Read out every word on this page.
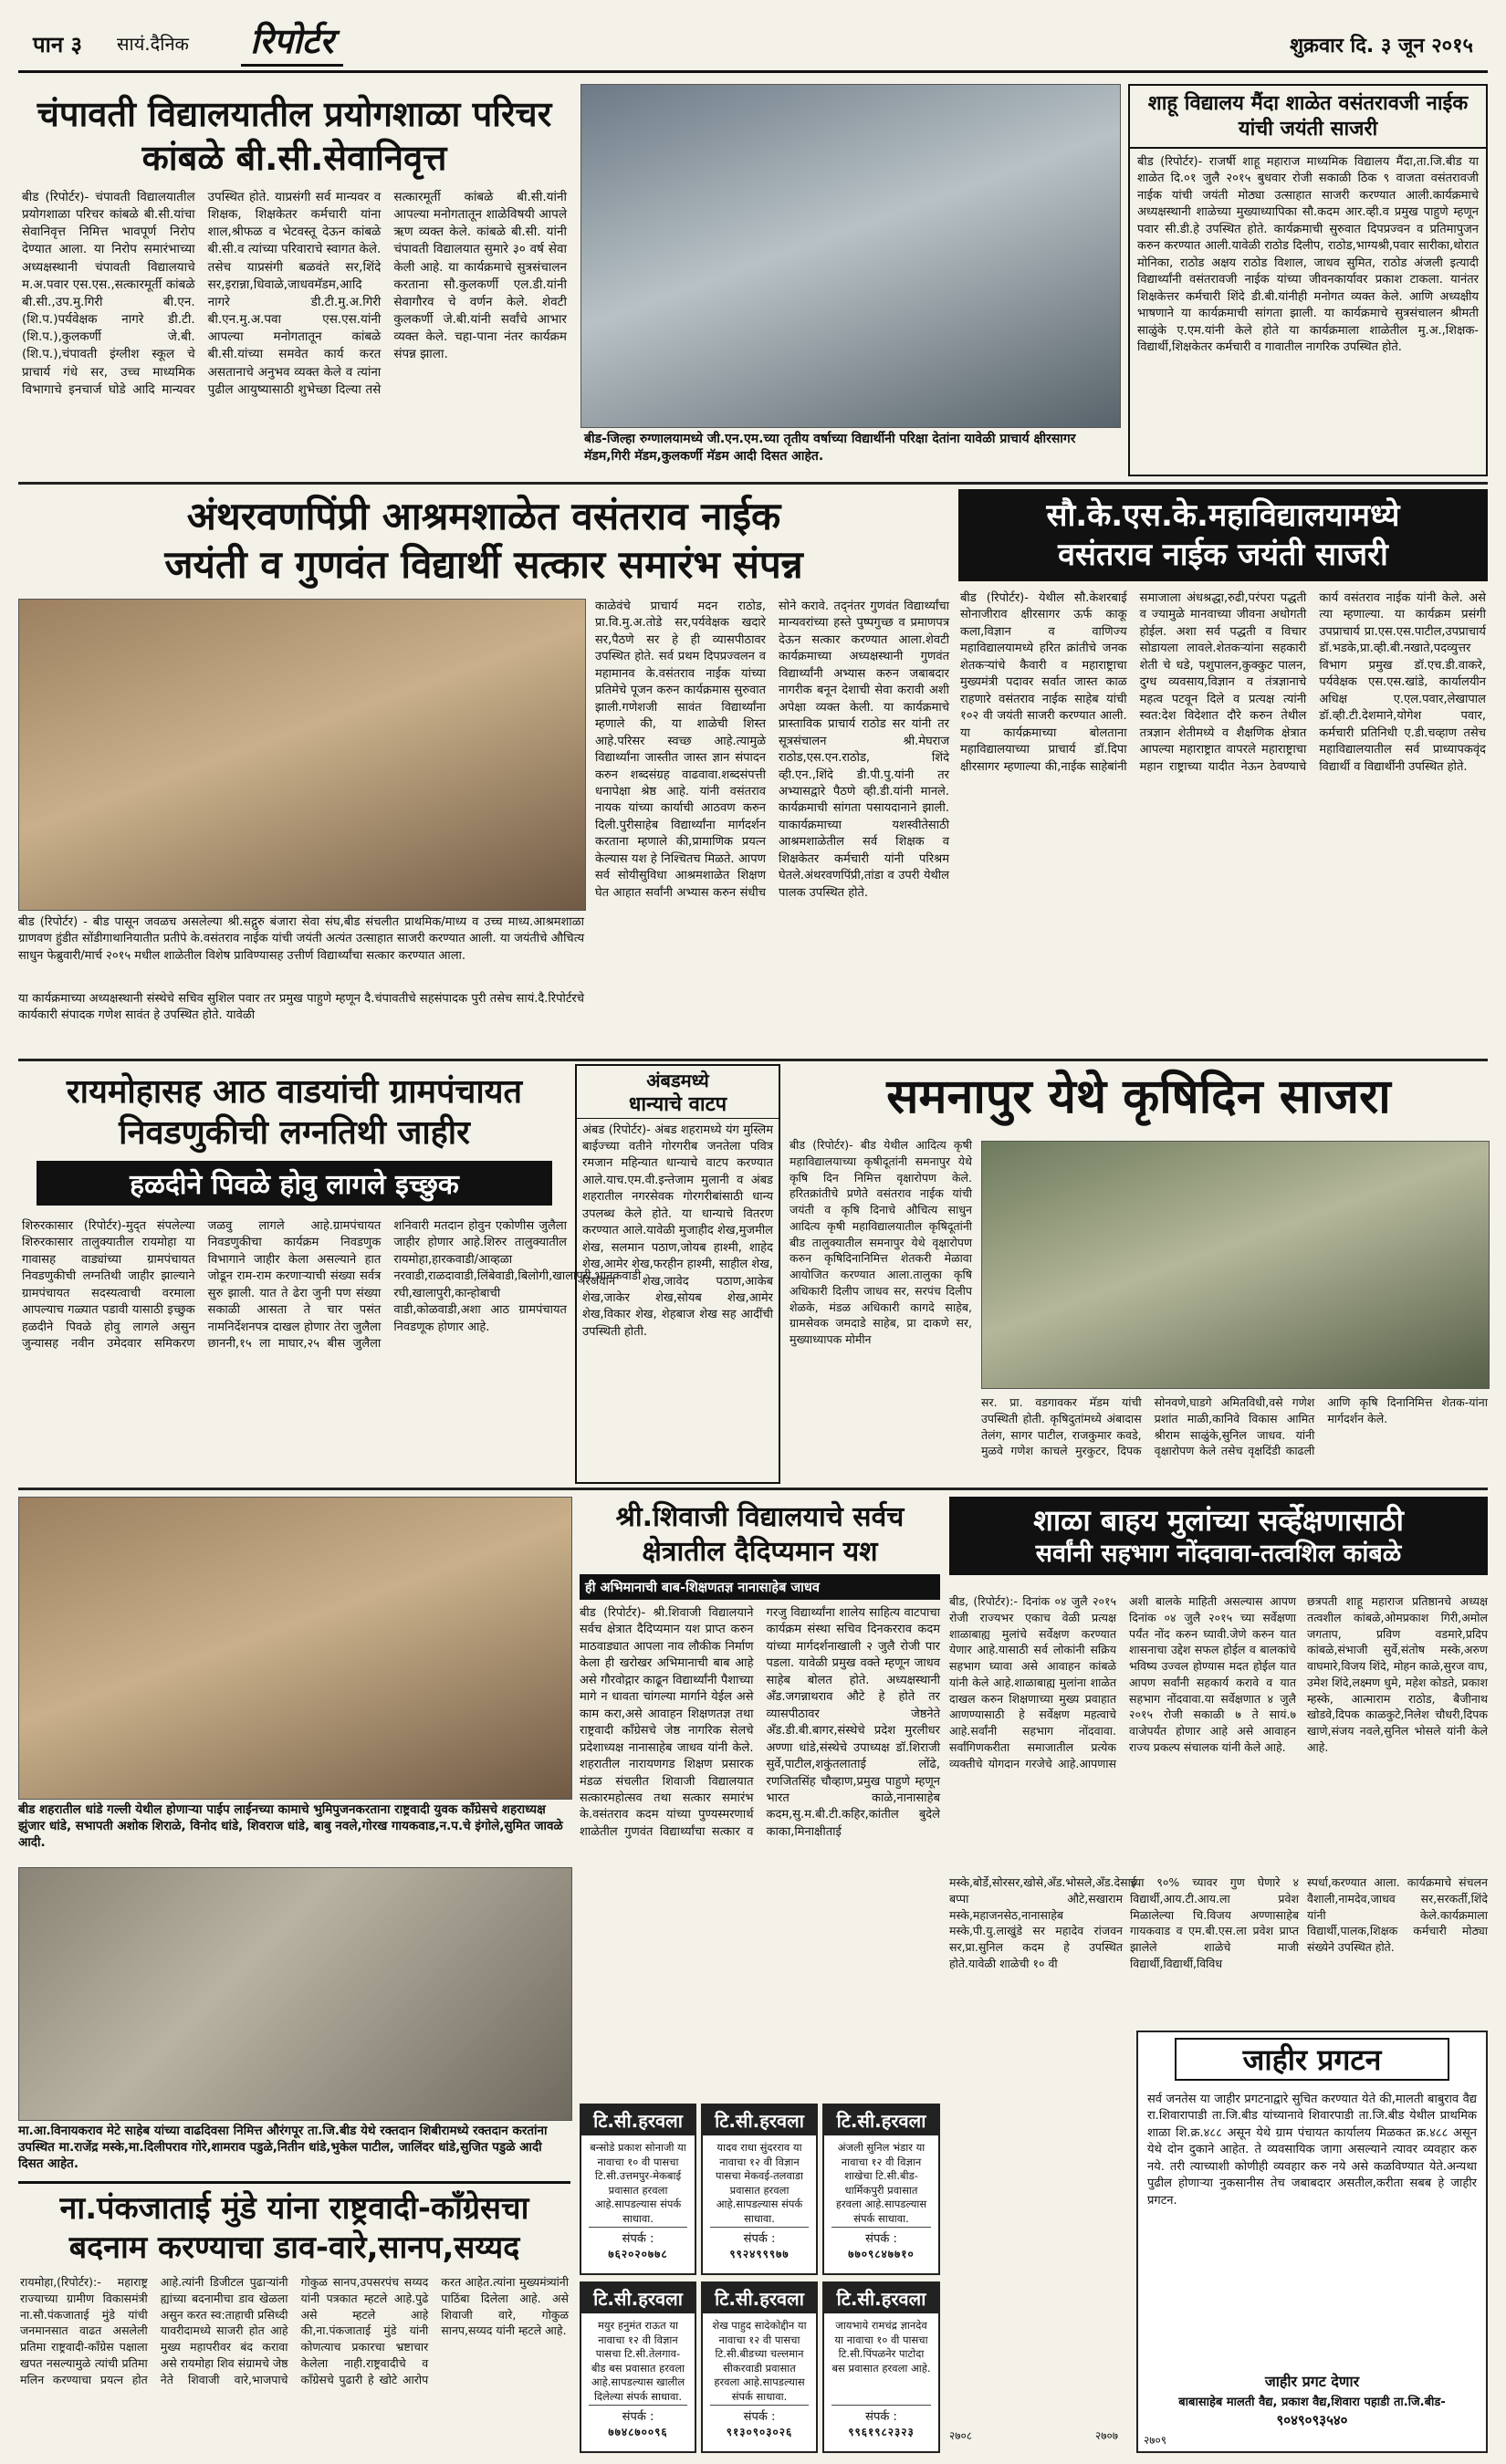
पान ३ सायं.दैनिक रिपोर्टर	शुक्रवार दि. ३ जून २०१५
चंपावती विद्यालयातील प्रयोगशाळा परिचर कांबळे बी.सी.सेवानिवृत्त
बीड (रिपोर्टर)- चंपावती विद्यालयातील प्रयोगशाळा परिचर कांबळे बी.सी.यांचा सेवानिवृत्त निमित्त भावपूर्ण निरोप देण्यात आला. या निरोप समारंभाच्या अध्यक्षस्थानी चंपावती विद्यालयाचे म.अ.पवार एस.एस.,सत्कारमूर्ती कांबळे बी.सी.,उप.मु.गिरी बी.एन.(शि.प.)पर्यवेक्षक नागरे डी.टी.(शि.प.),कुलकर्णी जे.बी.(शि.प.),चंपावती इंग्लीश स्कूल चे प्राचार्य गंधे सर, उच्च माध्यमिक विभागाचे इनचार्ज घोडे आदि मान्यवर उपस्थित होते. याप्रसंगी सर्व मान्यवर व शिक्षक, शिक्षकेतर कर्मचारी यांना शाल,श्रीफळ व भेटवस्तू देऊन कांबळे बी.सी.व त्यांच्या परिवाराचे स्वागत केले. तसेच याप्रसंगी बळवंते सर,शिंदे सर,इरान्ना,धिवाळे,जाधवमॅडम,आदि नागरे डी.टी.मु.अ.गिरी बी.एन.मु.अ.पवा एस.एस.यांनी आपल्या मनोगतातून कांबळे बी.सी.यांच्या समवेत कार्य करत असतानाचे अनुभव व्यक्त केले व त्यांना पुढील आयुष्यासाठी शुभेच्छा दिल्या तसे सत्कारमूर्ती कांबळे बी.सी.यांनी आपल्या मनोगतातून शाळेविषयी आपले ऋण व्यक्त केले. कांबळे बी.सी. यांनी चंपावती विद्यालयात सुमारे ३० वर्ष सेवा केली आहे. या कार्यक्रमाचे सुत्रसंचालन करताना सौ.कुलकर्णी एल.डी.यांनी सेवागौरव चे वर्णन केले. शेवटी कुलकर्णी जे.बी.यांनी सर्वांचे आभार व्यक्त केले. चहा-पाना नंतर कार्यक्रम संपन्न झाला.
बीड-जिल्हा रुग्णालयामध्ये जी.एन.एम.च्या तृतीय वर्षाच्या विद्यार्थीनी परिक्षा देतांना यावेळी प्राचार्य क्षीरसागर मॅडम,गिरी मॅडम,कुलकर्णी मॅडम आदी दिसत आहेत.
शाहू विद्यालय मैंदा शाळेत वसंतरावजी नाईक यांची जयंती साजरी
बीड (रिपोर्टर)- राजर्षी शाहू महाराज माध्यमिक विद्यालय मैंदा,ता.जि.बीड या शाळेत दि.०१ जुलै २०१५ बुधवार रोजी सकाळी ठिक ९ वाजता वसंतरावजी नाईक यांची जयंती मोठ्या उत्साहात साजरी करण्यात आली.कार्यक्रमाचे अध्यक्षस्थानी शाळेच्या मुख्याध्यापिका सौ.कदम आर.व्ही.व प्रमुख पाहुणे म्हणून पवार सी.डी.हे उपस्थित होते. कार्यक्रमाची सुरुवात दिपप्रज्वन व प्रतिमापुजन करुन करण्यात आली.यावेळी राठोड दिलीप, राठोड,भाग्यश्री,पवार सारीका,थोरात मोनिका, राठोड अक्षय राठोड विशाल, जाधव सुमित, राठोड अंजली इत्यादी विद्यार्थ्यांनी वसंतरावजी नाईक यांच्या जीवनकार्यावर प्रकाश टाकला. यानंतर शिक्षकेत्तर कर्मचारी शिंदे डी.बी.यांनीही मनोगत व्यक्त केले. आणि अध्यक्षीय भाषणाने या कार्यक्रमाची सांगता झाली. या कार्यक्रमाचे सुत्रसंचालन श्रीमती साळुंके ए.एम.यांनी केले होते या कार्यक्रमाला शाळेतील मु.अ.,शिक्षक-विद्यार्थी,शिक्षकेतर कर्मचारी व गावातील नागरिक उपस्थित होते.
अंथरवणपिंप्री आश्रमशाळेत वसंतराव नाईक
जयंती व गुणवंत विद्यार्थी सत्कार समारंभ संपन्न
बीड (रिपोर्टर) - बीड पासून जवळच असलेल्या श्री.सद्गुरु बंजारा सेवा संघ,बीड संचलीत प्राथमिक/माध्य व उच्च माध्य.आश्रमशाळा ग्राणवण हुंडीत सोंडीगाथानियातीत प्रतीपे के.वसंतराव नाईक यांची जयंती अत्यंत उत्साहात साजरी करण्यात आली. या जयंतीचे औचित्य साधुन फेब्रुवारी/मार्च २०१५ मधील शाळेतील विशेष प्राविण्यासह उत्तीर्ण विद्यार्थ्यांचा सत्कार करण्यात आला.
या कार्यक्रमाच्या अध्यक्षस्थानी संस्थेचे सचिव सुशिल पवार तर प्रमुख पाहुणे म्हणून दै.चंपावतीचे सहसंपादक पुरी तसेच सायं.दै.रिपोर्टरचे कार्यकारी संपादक गणेश सावंत हे उपस्थित होते. यावेळी
काळेवंचे प्राचार्य मदन राठोड, प्रा.वि.मु.अ.तोडे सर,पर्यवेक्षक खदारे सर,पैठणे सर हे ही व्यासपीठावर उपस्थित होते. सर्व प्रथम दिपप्रज्वलन व महामानव के.वसंतराव नाईक यांच्या प्रतिमेचे पूजन करुन कार्यक्रमास सुरुवात झाली.गणेशजी सावंत विद्यार्थ्यांना म्हणाले की, या शाळेची शिस्त आहे.परिसर स्वच्छ आहे.त्यामुळे विद्यार्थ्यांना जास्तीत जास्त ज्ञान संपादन करुन शब्दसंग्रह वाढवावा.शब्दसंपत्ती धनापेक्षा श्रेष्ठ आहे. यांनी वसंतराव नायक यांच्या कार्याची आठवण करुन दिली.पुरीसाहेब विद्यार्थ्यांना मार्गदर्शन करताना म्हणाले की,प्रामाणिक प्रयत्न केल्यास यश हे निश्चितच मिळते. आपण सर्व सोयीसुविधा आश्रमशाळेत शिक्षण घेत आहात सर्वांनी अभ्यास करुन संधीच सोने करावे. तद्नंतर गुणवंत विद्यार्थ्यांचा मान्यवरांच्या हस्ते पुष्पगुच्छ व प्रमाणपत्र देऊन सत्कार करण्यात आला.शेवटी कार्यक्रमाच्या अध्यक्षस्थानी गुणवंत विद्यार्थ्यांनी अभ्यास करुन जबाबदार नागरीक बनून देशाची सेवा करावी अशी अपेक्षा व्यक्त केली. या कार्यक्रमाचे प्रास्ताविक प्राचार्य राठोड सर यांनी तर सूत्रसंचालन श्री.मेघराज राठोड,एस.एन.राठोड, शिंदे व्ही.एन.,शिंदे डी.पी.पु.यांनी तर अभ्यासद्वारे पैठणे व्ही.डी.यांनी मानले. कार्यक्रमाची सांगता पसायदानाने झाली. याकार्यक्रमाच्या यशस्वीतेसाठी आश्रमशाळेतील सर्व शिक्षक व शिक्षकेतर कर्मचारी यांनी परिश्रम घेतले.अंथरवणपिंप्री,तांडा व उपरी येथील पालक उपस्थित होते.
सौ.के.एस.के.महाविद्यालयामध्ये
वसंतराव नाईक जयंती साजरी
बीड (रिपोर्टर)- येथील सौ.केशरबाई सोनाजीराव क्षीरसागर ऊर्फ काकू कला,विज्ञान व वाणिज्य महाविद्यालयामध्ये हरित क्रांतीचे जनक शेतकऱ्यांचे कैवारी व महाराष्ट्राचा मुख्यमंत्री पदावर सर्वात जास्त काळ राहणारे वसंतराव नाईक साहेब यांची १०२ वी जयंती साजरी करण्यात आली. या कार्यक्रमाच्या बोलताना महाविद्यालयाच्या प्राचार्य डॉ.दिपा क्षीरसागर म्हणाल्या की,नाईक साहेबांनी समाजाला अंधश्रद्धा,रुढी,परंपरा पद्धती व ज्यामुळे मानवाच्या जीवना अधोगती होईल. अशा सर्व पद्धती व विचार सोडायला लावले.शेतकऱ्यांना सहकारी शेती चे धडे, पशुपालन,कुक्कुट पालन, दुग्ध व्यवसाय,विज्ञान व तंत्रज्ञानाचे महत्व पटवून दिले व प्रत्यक्ष त्यांनी स्वत:देश विदेशात दौरे करुन तेथील तत्रज्ञान शेतीमध्ये व शैक्षणिक क्षेत्रात आपल्या महाराष्ट्रात वापरले महाराष्ट्राचा महान राष्ट्राच्या यादीत नेऊन ठेवण्याचे कार्य वसंतराव नाईक यांनी केले. असे त्या म्हणाल्या. या कार्यक्रम प्रसंगी उपप्राचार्य प्रा.एस.एस.पाटील,उपप्राचार्य डॉ.भडके,प्रा.व्ही.बी.नखाते,पदव्युत्तर विभाग प्रमुख डॉ.एच.डी.वाकरे, पर्यवेक्षक एस.एस.खांडे, कार्यालयीन अधिक्ष ए.एल.पवार,लेखापाल डॉ.व्ही.टी.देशमाने,योगेश पवार, कर्मचारी प्रतिनिधी ए.डी.चव्हाण तसेच महाविद्यालयातील सर्व प्राध्यापकवृंद विद्यार्थी व विद्यार्थीनी उपस्थित होते.
रायमोहासह आठ वाडयांची ग्रामपंचायत
निवडणुकीची लग्नतिथी जाहीर
हळदीने पिवळे होवु लागले इच्छुक
शिरुरकासार (रिपोर्टर)-मुद्त संपलेल्या शिरुरकासार तालुक्यातील रायमोहा या गावासह वाड्यांच्या ग्रामपंचायत निवडणुकीची लग्नतिथी जाहीर झाल्याने ग्रामपंचायत सदस्यत्वाची वरमाला आपल्याच गळ्यात पडावी यासाठी इच्छुक हळदीने पिवळे होवु लागले असुन जुन्यासह नवीन उमेदवार समिकरण जळवु लागले आहे.ग्रामपंचायत निवडणुकीचा कार्यक्रम निवडणुक विभागाने जाहीर केला असल्याने हात जोडून राम-राम करणाऱ्याची संख्या सर्वत्र सुरु झाली. यात ते ढेरा जुनी पण संख्या सकाळी आसता ते चार पसंत नामनिर्देशनपत्र दाखल होणार तेरा जुलैला छाननी,१५ ला माघार,२५ बीस जुलैला शनिवारी मतदान होवुन एकोणीस जुलैला जाहीर होणार आहे.शिरुर तालुक्यातील रायमोहा,हारकवाडी/आव्हळा नरवाडी,राळदावाडी,लिंबेवाडी,बिलोगी,खालापुरी,भानकवाडी रघी,खालापुरी,कान्होबाची वाडी,कोळवाडी,अशा आठ ग्रामपंचायत निवडणूक होणार आहे.
अंबडमध्ये
धान्याचे वाटप
अंबड (रिपोर्टर)- अंबड शहरामध्ये यंग मुस्लिम बाईज्च्या वतीने गोरगरीब जनतेला पवित्र रमजान महिन्यात धान्याचे वाटप करण्यात आले.याच.एम.वी.इन्तेजाम मुलानी व अंबड शहरातील नगरसेवक गोरगरीबांसाठी धान्य उपलब्ध केले होते. या धान्याचे वितरण करण्यात आले.यावेळी मुजाहीद शेख,मुजमील शेख, सलमान पठाण,जोयब हाश्मी, शाहेद शेख,आमेर शेख,फरहीन हाश्मी, साहील शेख, रिजवान शेख,जावेद पठाण,आकेब शेख,जाकेर शेख,सोयब शेख,आमेर शेख,विकार शेख, शेहबाज शेख सह आदींची उपस्थिती होती.
समनापुर येथे कृषिदिन साजरा
बीड (रिपोर्टर)- बीड येथील आदित्य कृषी महाविद्यालयाच्या कृषीदूतांनी समनापुर येथे कृषि दिन निमित्त वृक्षारोपण केले. हरितक्रांतीचे प्रणेते वसंतराव नाईक यांची जयंती व कृषि दिनाचे औचित्य साधुन आदित्य कृषी महाविद्यालयातील कृषिदूतांनी बीड तालुक्यातील समनापुर येथे वृक्षारोपण करुन कृषिदिनानिमित्त शेतकरी मेळावा आयोजित करण्यात आला.तालुका कृषि अधिकारी दिलीप जाधव सर, सरपंच दिलीप शेळके, मंडळ अधिकारी कागदे साहेब, ग्रामसेवक जमदाडे साहेब, प्रा दाकणे सर, मुख्याध्यापक मोमीन
सर. प्रा. वडगावकर मॅडम यांची उपस्थिती होती. कृषिदुतांमध्ये अंबादास तेलंग, सागर पाटील, राजकुमार कवडे, मुळवे गणेश काचले मुरकुटर, दिपक सोनवणे,घाडगे अमितविधी,वसे गणेश प्रशांत माळी,कानिवे विकास आमित श्रीराम साळुंके,सुनिल जाधव. यांनी वृक्षारोपण केले तसेच वृक्षदिंडी काढली आणि कृषि दिनानिमित्त शेतक-यांना मार्गदर्शन केले.
बीड शहरातील धांडे गल्ली येथील होणाऱ्या पाईप लाईनच्या कामाचे भुमिपुजनकरताना राष्ट्रवादी युवक काँग्रेसचे शहराध्यक्ष झुंजार धांडे, सभापती अशोक शिराळे, विनोद धांडे, शिवराज धांडे, बाबु नवले,गोरख गायकवाड,न.प.चे इंगोले,सुमित जावळे आदी.
मा.आ.विनायकराव मेटे साहेब यांच्या वाढदिवसा निमित्त औरंगपूर ता.जि.बीड येथे रक्तदान शिबीरामध्ये रक्तदान करतांना उपस्थित मा.राजेंद्र मस्के,मा.दिलीपराव गोरे,शामराव पडुळे,नितीन धांडे,भुकेल पाटील, जालिंदर धांडे,सुजित पडुळे आदी दिसत आहेत.
ना.पंकजाताई मुंडे यांना राष्ट्रवादी-काँग्रेसचा बदनाम करण्याचा डाव-वारे,सानप,सय्यद
रायमोहा,(रिपोर्टर):- महाराष्ट्र राज्याच्या ग्रामीण विकासमंत्री ना.सौ.पंकजाताई मुंडे यांची जनमानसात वाढत असलेली प्रतिमा राष्ट्रवादी-काँग्रेस पक्षाला खपत नसल्यामुळे त्यांची प्रतिमा मलिन करण्याचा प्रयत्न होत आहे.त्यांनी डिजीटल पुढाऱ्यांनी ह्यांच्या बदनामीचा डाव खेळला असुन करत स्व:ताहाची प्रसिध्दी यावरीदामध्ये साजरी होत आहे मुख्य महापरीवर बंद करावा असे रायमोहा शिव संग्रामचे जेष्ठ नेते शिवाजी वारे,भाजपाचे गोकुळ सानप,उपसरपंच सय्यद यांनी पत्रकात म्हटले आहे.पुढे असे म्हटले आहे की,ना.पंकजाताई मुंडे यांनी कोणत्याच प्रकारचा भ्रष्टाचार केलेला नाही.राष्ट्रवादीचे व काँग्रेसचे पुढारी हे खोटे आरोप करत आहेत.त्यांना मुख्यमंत्र्यांनी पाठिंबा दिलेला आहे. असे शिवाजी वारे, गोकुळ सानप,सय्यद यांनी म्हटले आहे.
श्री.शिवाजी विद्यालयाचे सर्वच
क्षेत्रातील दैदिप्यमान यश
ही अभिमानाची बाब-शिक्षणतज्ञ नानासाहेब जाधव
बीड (रिपोर्टर)- श्री.शिवाजी विद्यालयाने सर्वच क्षेत्रात दैदिप्यमान यश प्राप्त करुन माठवाड्यात आपला नाव लौकीक निर्माण केला ही खरोखर अभिमानाची बाब आहे असे गौरवोद्गार काढून विद्यार्थ्यांनी पैशाच्या मागे न धावता चांगल्या मार्गाने येईल असे काम करा,असे आवाहन शिक्षणतज्ञ तथा राष्ट्रवादी काँग्रेसचे जेष्ठ नागरिक सेलचे प्रदेशाध्यक्ष नानासाहेब जाधव यांनी केले. शहरातील नारायणगड शिक्षण प्रसारक मंडळ संचलीत शिवाजी विद्यालयात सत्कारमहोत्सव तथा सत्कार समारंभ के.वसंतराव कदम यांच्या पुण्यस्मरणार्थ शाळेतील गुणवंत विद्यार्थ्यांचा सत्कार व गरजु विद्यार्थ्यांना शालेय साहित्य वाटपाचा कार्यक्रम संस्था सचिव दिनकरराव कदम यांच्या मार्गदर्शनाखाली २ जुलै रोजी पार पडला. यावेळी प्रमुख वक्ते म्हणून जाधव साहेब बोलत होते. अध्यक्षस्थानी अँड.जगन्नाथराव औटे हे होते तर व्यासपीठावर जेष्ठनेते अँड.डी.बी.बागर,संस्थेचे प्रदेश मुरलीधर अण्णा धांडे,संस्थेचे उपाध्यक्ष डॉ.शिराजी सुर्वे,पाटील,शकुंतलाताई लोंढे, रणजितसिंह चौव्हाण,प्रमुख पाहुणे म्हणून भारत काळे,नानासाहेब कदम,सु.म.बी.टी.कहिर,कांतील बुदेले काका,मिनाक्षीताई
शाळा बाहय मुलांच्या सर्व्हेक्षणासाठी
सर्वांनी सहभाग नोंदवावा-तत्वशिल कांबळे
बीड, (रिपोर्टर):- दिनांक ०४ जुलै २०१५ रोजी राज्यभर एकाच वेळी प्रत्यक्ष शाळाबाह्य मुलांचे सर्वेक्षण करण्यात येणार आहे.यासाठी सर्व लोकांनी सक्रिय सहभाग घ्यावा असे आवाहन कांबळे यांनी केले आहे.शाळाबाह्य मुलांना शाळेत दाखल करुन शिक्षणाच्या मुख्य प्रवाहात आणण्यासाठी हे सर्वेक्षण महत्वाचे आहे.सर्वांनी सहभाग नोंदवावा. सर्वांगिणकरीता समाजातील प्रत्येक व्यक्तीचे योगदान गरजेचे आहे.आपणास अशी बालके माहिती असल्यास आपण दिनांक ०४ जुलै २०१५ च्या सर्वेक्षणा पर्यंत नोंद करुन घ्यावी.जेणे करुन यात शासनाचा उद्देश सफल होईल व बालकांचे भविष्य उज्वल होण्यास मदत होईल यात आपण सर्वांनी सहकार्य करावे व यात सहभाग नोंदवावा.या सर्वेक्षणात ४ जुलै २०१५ रोजी सकाळी ७ ते सायं.७ वाजेपर्यंत होणार आहे असे आवाहन राज्य प्रकल्प संचालक यांनी केले आहे.
छत्रपती शाहू महाराज प्रतिष्ठानचे अध्यक्ष तत्वशील कांबळे,ओमप्रकाश गिरी,अमोल जगताप, प्रविण वडमारे,प्रदिप कांबळे,संभाजी सुर्वे,संतोष मस्के,अरुण वाघमारे,विजय शिंदे, मोहन काळे,सुरज वाघ, उमेश शिंदे,लक्ष्मण धुमे, महेश कोडते, प्रकाश म्हस्के, आत्माराम राठोड, बैजीनाथ खोडवे,दिपक काळकुटे,निलेश चौधरी,दिपक खाणे,संजय नवले,सुनिल भोसले यांनी केले आहे.
मस्के,बोर्डे,सोरसर,खोसे,अँड.भोसले,अँड.देसाई बप्पा औटे,सखाराम मस्के,महाजनसेठ,नानासाहेब मस्के,पी.यु.लाखुंडे सर महादेव रांजवन सर,प्रा.सुनिल कदम हे उपस्थित होते.यावेळी शाळेची १० वी
च्या ९०% च्यावर गुण घेणारे ४ विद्यार्थी,आय.टी.आय.ला प्रवेश मिळालेल्या चि.विजय अण्णासाहेब गायकवाड व एम.बी.एस.ला प्रवेश प्राप्त झालेले शाळेचे माजी विद्यार्थी,विद्यार्थी,विविध
स्पर्धा,करण्यात आला. कार्यक्रमाचे संचलन वैशाली,नामदेव,जाधव सर,सरकर्ती,शिंदे यांनी केले.कार्यक्रमाला विद्यार्थी,पालक,शिक्षक कर्मचारी मोठ्या संख्येने उपस्थित होते.
टि.सी.हरवला
बन्सोडे प्रकाश सोनाजी या नावाचा १० वी पासचा टि.सी.उत्तमपुर-मेकबाई प्रवासात हरवला आहे.सापडल्यास संपर्क साधावा.
संपर्क :
७६२०२०७७८
टि.सी.हरवला
यादव राधा सुंदरराव या नावाचा १२ वी विज्ञान पासचा मेकवई-तलवाडा प्रवासात हरवला आहे.सापडल्यास संपर्क साधावा.
संपर्क :
९९२४९९९७७
टि.सी.हरवला
अंजली सुनिल भंडार या नावाचा १२ वी विज्ञान शाखेचा टि.सी.बीड-धार्मिकपुरी प्रवासात हरवला आहे.सापडल्यास संपर्क साधावा.
संपर्क :
७७०९८४७७१०
टि.सी.हरवला
मयुर हनुमंत राऊत या नावाचा १२ वी विज्ञान पासचा टि.सी.तेलगाव-बीड बस प्रवासात हरवला आहे.सापडल्यास खालील दिलेल्या संपर्क साधावा.
संपर्क :
७७४८७००९६
टि.सी.हरवला
शेख पाहुद सादेकोद्दीन या नावाचा १२ वी पासचा टि.सी.बीडच्या चल्लमान सीकरवाडी प्रवासात हरवला आहे.सापडल्यास संपर्क साधावा.
संपर्क :
९१३०९०३०२६
टि.सी.हरवला
जायभाये रामचंद्र ज्ञानदेव या नावाचा १० वी पासचा टि.सी.पिंपळनेर पाटोदा बस प्रवासात हरवला आहे.
संपर्क :
९९६१९८२३२३
जाहीर प्रगटन
सर्व जनतेस या जाहीर प्रगटनाद्वारे सुचित करण्यात येते की,मालती बाबुराव वैद्य रा.शिवारापाडी ता.जि.बीड यांच्यानावे शिवारपाडी ता.जि.बीड येथील प्राथमिक शाळा शि.क्र.४८८ असून येथे ग्राम पंचायत कार्यालय मिळकत क्र.४८८ असून येथे दोन दुकाने आहेत. ते व्यवसायिक जागा असल्याने त्यावर व्यवहार करु नये. तरी त्याच्याशी कोणीही व्यवहार करु नये असे कळविण्यात येते.अन्यथा पुढील होणाऱ्या नुकसानीस तेच जबाबदार असतील,करीता सबब हे जाहीर प्रगटन.
जाहीर प्रगट देणार
बाबासाहेब मालती वैद्य, प्रकाश वैद्य,शिवारा पहाडी ता.जि.बीड-
९०४९०९३५४०
२७०९
२७०७
२७०८
